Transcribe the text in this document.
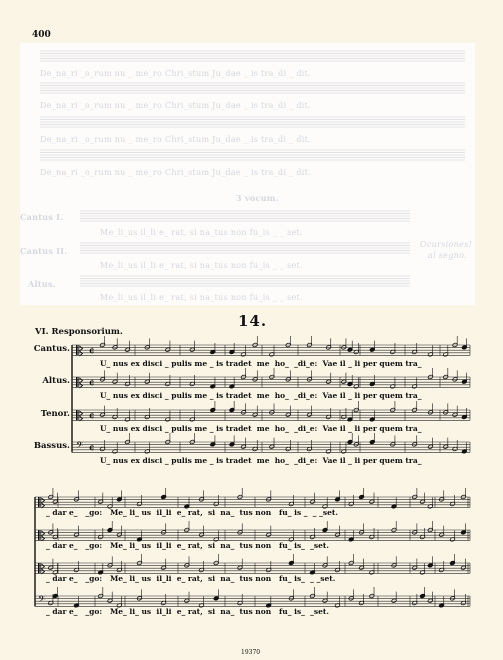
400
De_na_ri _o_rum nu _ me_ro Chri_stum Ju_dae _ is tra_di _ dit.
De_na_ri _o_rum nu _ me_ro Chri_stum Ju_dae _ is tra_di _ dit.
De_na_ri _o_rum nu _ me_ro Chri_stum Ju_dae _ is tra_di _ dit.
De_na_ri _o_rum nu _ me_ro Chri_stum Ju_dae _ is tra_di _ dit.
3 vocum.
Cantus I.
Cantus II.
Altus.
Me_li_us il_li e_ rat, si na_tus non fu_is _ _ set.
Me_li_us il_li e_ rat, si na_tus non fu_is _ _ set.
Me_li_us il_li e_ rat, si na_tus non fu_is _ _ set.
Ocursiones!
al segno.
14.
VI. Responsorium.
Cantus.
Altus.
Tenor.
Bassus.
¢
¢
¢
𝄢 ¢
𝄢
U_ nus ex disci _ pulis me _ is tradet  me  ho_  _di_e:  Vae il _ li per quem tra_
U_ nus ex disci _ pulis me _ is tradet  me  ho_  _di_e:  Vae il _ li per quem tra_
U_ nus ex disci _ pulis me _ is tradet  me  ho_  _di_e:  Vae il _ li per quem tra_
U_ nus ex disci _ pulis me _ is tradet  me  ho_  _di_e:  Vae il _ li per quem tra_
_ dar e_   _go:   Me_ li_ us  il_li  e_ rat,  si  na_  tus non   fu_ is _  _ _set.
_ dar e_   _go:   Me_ li_ us  il_li  e_ rat,  si  na_  tus non   fu_ is_  _set.
_ dar e_   _go:   Me_ li_ us  il_li  e_ rat,  si  na_  tus non   fu_ is_  _ _set.
_ dar e_   _go:   Me_ li_ us  il_li  e_ rat,  si  na_  tus non   fu_ is_  _set.
19370
